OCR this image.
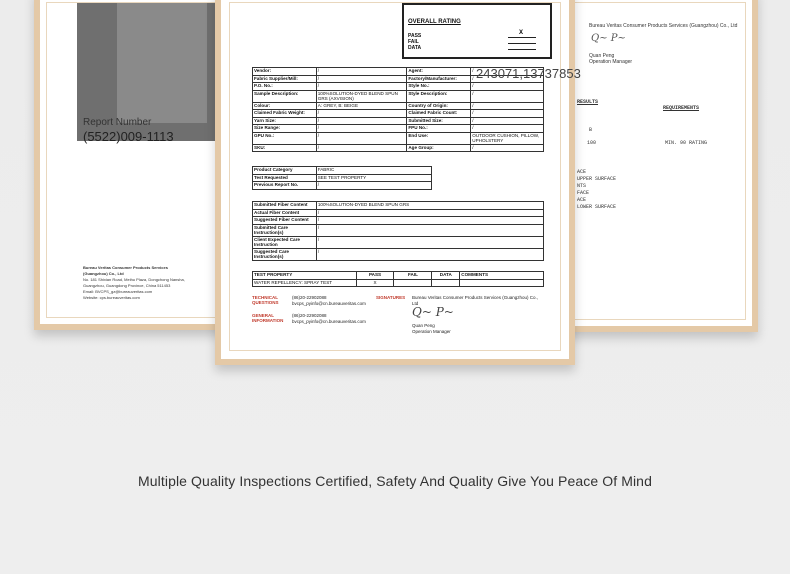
Report Number
(5522)009-1113
Bureau Veritas Consumer Products Services
(Guangzhou) Co., Ltd
No. 181 Shixian Road, Meihu Plaza, Dongchong Nansha,
Guangzhou, Guangdong Province, China 511453
Email: BVCPS_gz@bureauveritas.com
Website: cps.bureauveritas.com
Bureau Veritas Consumer Products Services (Guangzhou) Co., Ltd
Q~ P~
Quan Peng
Operation Manager
RESULTS
REQUIREMENTS
B
100	MIN. 90 RATING
ACE
UPPER SURFACE
NTS
FACE
ACE
LOWER SURFACE
OVERALL RATING
PASS
FAIL
DATA
X
Vendor:	/	Agent:	/
Fabric Supplier/Mill:	/	Factory/Manufacturer:	/
P.O. No.:	/	Style No.:	/
Sample Description:	100%SOLUTION-DYED BLEND SPUN GRS (AXVISION)	Style Description:	/
Colour:	A: GREY, B: BEIGE	Country of Origin:	/
Claimed Fabric Weight:	/	Claimed Fabric Count:	/
Yarn Size:	/	Submitted Size:	/
Size Range:	/	FPU No.:	/
GPU No.:	/	End Use:	OUTDOOR CUSHION, PILLOW, UPHOLSTERY
SKU:	/	Age Group:	/
Product Category	FABRIC
Test Requested	SEE TEST PROPERTY
Previous Report No.	/
Submitted Fiber Content	100%SOLUTION-DYED BLEND SPUN GRS
Actual Fiber Content	/
Suggested Fiber Content	/
Submitted Care Instruction(s)	/
Client Expected Care Instruction	/
Suggested Care Instruction(s)	/
TEST PROPERTY	PASS	FAIL	DATA	COMMENTS
WATER REPELLENCY: SPRAY TEST	X			
TECHNICAL QUESTIONS
(86)20-22902088 bvcps_pyinfo@cn.bureauveritas.com
GENERAL INFORMATION
(86)20-22902088 bvcps_pyinfo@cn.bureauveritas.com
SIGNATURES Bureau Veritas Consumer Products Services (Guangzhou) Co., Ltd
Q~ P~
Quan Peng
Operation Manager
243071,13737853
Multiple Quality Inspections Certified, Safety And Quality Give You Peace Of Mind
